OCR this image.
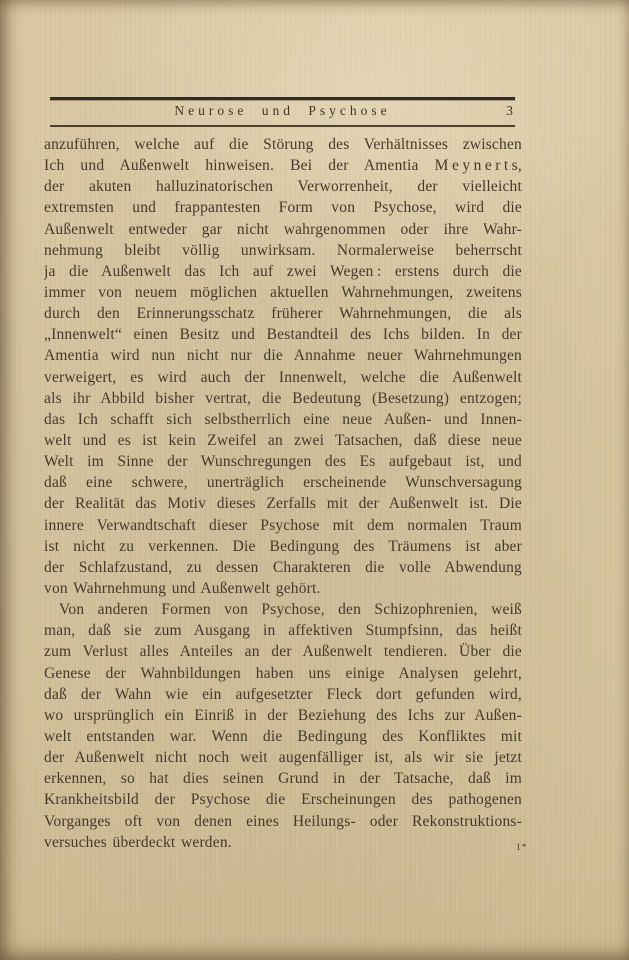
Neurose und Psychose	3
anzuführen, welche auf die Störung des Verhältnisses zwischen
Ich und Außenwelt hinweisen. Bei der Amentia M e y n e r t s,
der akuten halluzinatorischen Verworrenheit, der vielleicht
extremsten und frappantesten Form von Psychose, wird die
Außenwelt entweder gar nicht wahrgenommen oder ihre Wahr-
nehmung bleibt völlig unwirksam. Normalerweise beherrscht
ja die Außenwelt das Ich auf zwei Wegen : erstens durch die
immer von neuem möglichen aktuellen Wahrnehmungen, zweitens
durch den Erinnerungsschatz früherer Wahrnehmungen, die als
„Innenwelt“ einen Besitz und Bestandteil des Ichs bilden. In der
Amentia wird nun nicht nur die Annahme neuer Wahrnehmungen
verweigert, es wird auch der Innenwelt, welche die Außenwelt
als ihr Abbild bisher vertrat, die Bedeutung (Besetzung) entzogen;
das Ich schafft sich selbstherrlich eine neue Außen- und Innen-
welt und es ist kein Zweifel an zwei Tatsachen, daß diese neue
Welt im Sinne der Wunschregungen des Es aufgebaut ist, und
daß eine schwere, unerträglich erscheinende Wunschversagung
der Realität das Motiv dieses Zerfalls mit der Außenwelt ist. Die
innere Verwandtschaft dieser Psychose mit dem normalen Traum
ist nicht zu verkennen. Die Bedingung des Träumens ist aber
der Schlafzustand, zu dessen Charakteren die volle Abwendung
von Wahrnehmung und Außenwelt gehört.
Von anderen Formen von Psychose, den Schizophrenien, weiß
man, daß sie zum Ausgang in affektiven Stumpfsinn, das heißt
zum Verlust alles Anteiles an der Außenwelt tendieren. Über die
Genese der Wahnbildungen haben uns einige Analysen gelehrt,
daß der Wahn wie ein aufgesetzter Fleck dort gefunden wird,
wo ursprünglich ein Einriß in der Beziehung des Ichs zur Außen-
welt entstanden war. Wenn die Bedingung des Konfliktes mit
der Außenwelt nicht noch weit augenfälliger ist, als wir sie jetzt
erkennen, so hat dies seinen Grund in der Tatsache, daß im
Krankheitsbild der Psychose die Erscheinungen des pathogenen
Vorganges oft von denen eines Heilungs- oder Rekonstruktions-
versuches überdeckt werden.	1*
